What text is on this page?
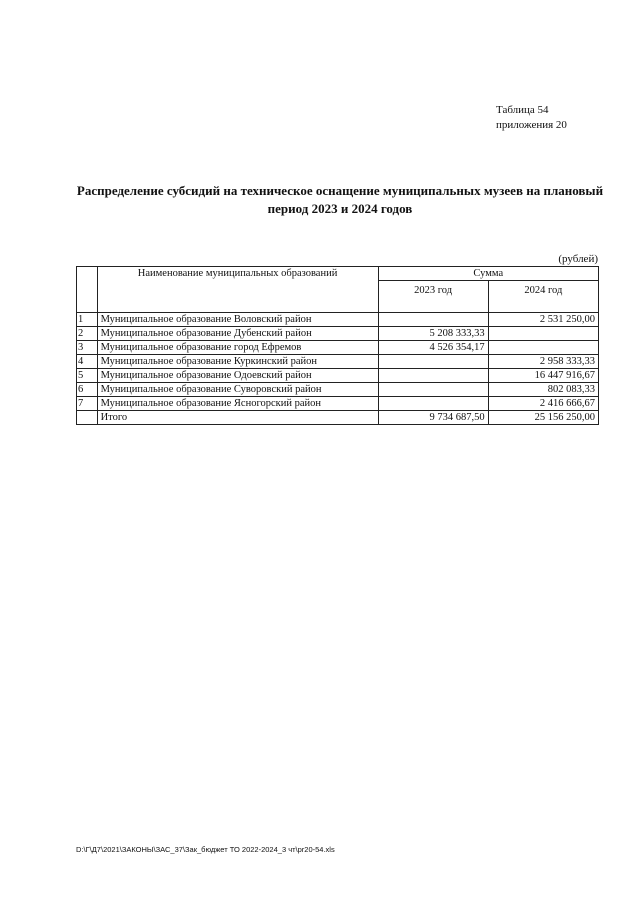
Таблица 54
приложения 20
Распределение субсидий на техническое оснащение муниципальных музеев на плановый
период 2023 и 2024 годов
(рублей)
	Наименование муниципальных образований	Сумма	
		2023 год	2024 год
1	Муниципальное образование Воловский район		2 531 250,00
2	Муниципальное образование Дубенский район	5 208 333,33	
3	Муниципальное образование город Ефремов	4 526 354,17	
4	Муниципальное образование Куркинский район		2 958 333,33
5	Муниципальное образование Одоевский район		16 447 916,67
6	Муниципальное образование Суворовский район		802 083,33
7	Муниципальное образование Ясногорский район		2 416 666,67
	Итого	9 734 687,50	25 156 250,00
D:\Г\Д7\2021\ЗАКОНЫ\ЗАС_37\Зак_бюджет ТО 2022-2024_3 чт\pr20-54.xls
